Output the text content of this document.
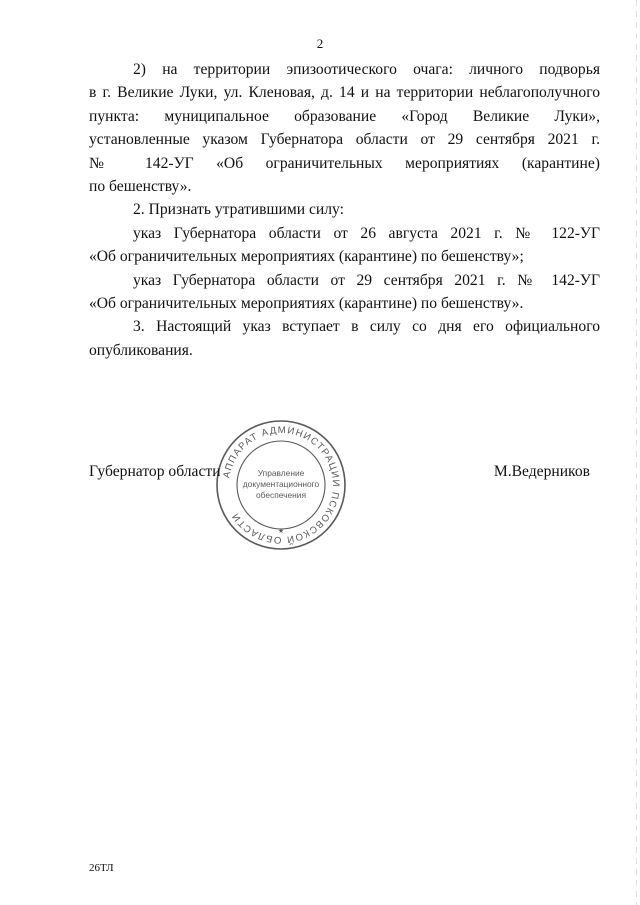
2

2) на территории эпизоотического очага: личного подворья

в г. Великие Луки, ул. Кленовая, д. 14 и на территории неблагополучного

пункта: муниципальное образование «Город Великие Луки»,

установленные указом Губернатора области от 29 сентября 2021 г.

№ 142-УГ «Об ограничительных мероприятиях (карантине)

по бешенству».

2. Признать утратившими силу:

указ Губернатора области от 26 августа 2021 г. № 122-УГ

«Об ограничительных мероприятиях (карантине) по бешенству»;

указ Губернатора области от 29 сентября 2021 г. № 142-УГ

«Об ограничительных мероприятиях (карантине) по бешенству».

3. Настоящий указ вступает в силу со дня его официального

опубликования.

АППАРАТ АДМИНИСТРАЦИИ ПСКОВСКОЙ ОБЛАСТИ
Управление
документационного
обеспечения
★
Губернатор области	М.Ведерников
26ТЛ
